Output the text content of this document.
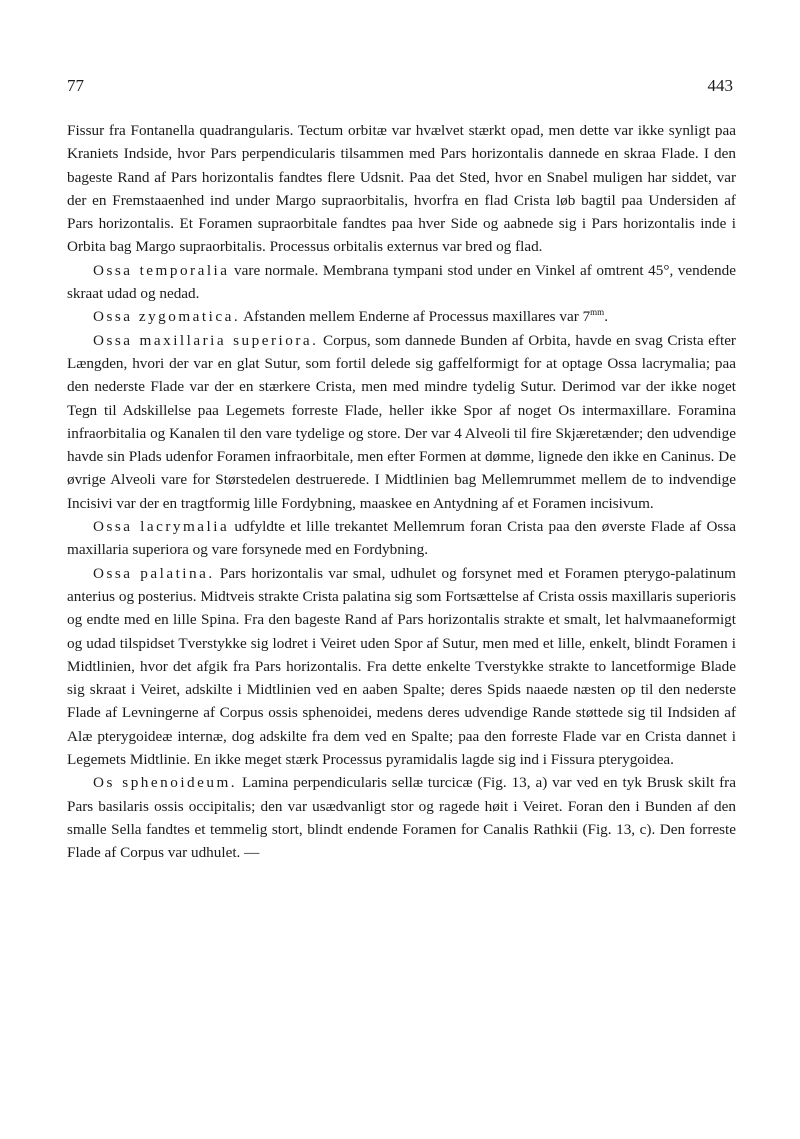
77	443

Fissur fra Fontanella quadrangularis. Tectum orbitæ var hvælvet stærkt opad, men dette var ikke synligt paa Kraniets Indside, hvor Pars perpendicularis tilsammen med Pars horizontalis dannede en skraa Flade. I den bageste Rand af Pars horizontalis fandtes flere Udsnit. Paa det Sted, hvor en Snabel muligen har siddet, var der en Fremstaaenhed ind under Margo supraorbitalis, hvorfra en flad Crista løb bagtil paa Undersiden af Pars horizontalis. Et Foramen supraorbitale fandtes paa hver Side og aabnede sig i Pars horizontalis inde i Orbita bag Margo supraorbitalis. Processus orbitalis externus var bred og flad.

Ossa temporalia vare normale. Membrana tympani stod under en Vinkel af omtrent 45°, vendende skraat udad og nedad.

Ossa zygomatica. Afstanden mellem Enderne af Processus maxillares var $7^{mm}$.

Ossa maxillaria superiora. Corpus, som dannede Bunden af Orbita, havde en svag Crista efter Længden, hvori der var en glat Sutur, som fortil delede sig gaffelformigt for at optage Ossa lacrymalia; paa den nederste Flade var der en stærkere Crista, men med mindre tydelig Sutur. Derimod var der ikke noget Tegn til Adskillelse paa Legemets forreste Flade, heller ikke Spor af noget Os intermaxillare. Foramina infraorbitalia og Kanalen til den vare tydelige og store. Der var 4 Alveoli til fire Skjæretænder; den udvendige havde sin Plads udenfor Foramen infraorbitale, men efter Formen at dømme, lignede den ikke en Caninus. De øvrige Alveoli vare for Størstedelen destruerede. I Midtlinien bag Mellemrummet mellem de to indvendige Incisivi var der en tragtformig lille Fordybning, maaskee en Antydning af et Foramen incisivum.

Ossa lacrymalia udfyldte et lille trekantet Mellemrum foran Crista paa den øverste Flade af Ossa maxillaria superiora og vare forsynede med en Fordybning.

Ossa palatina. Pars horizontalis var smal, udhulet og forsynet med et Foramen pterygo-palatinum anterius og posterius. Midtveis strakte Crista palatina sig som Fortsættelse af Crista ossis maxillaris superioris og endte med en lille Spina. Fra den bageste Rand af Pars horizontalis strakte et smalt, let halvmaaneformigt og udad tilspidset Tverstykke sig lodret i Veiret uden Spor af Sutur, men med et lille, enkelt, blindt Foramen i Midtlinien, hvor det afgik fra Pars horizontalis. Fra dette enkelte Tverstykke strakte to lancetformige Blade sig skraat i Veiret, adskilte i Midtlinien ved en aaben Spalte; deres Spids naaede næsten op til den nederste Flade af Levningerne af Corpus ossis sphenoidei, medens deres udvendige Rande støttede sig til Indsiden af Alæ pterygoideæ internæ, dog adskilte fra dem ved en Spalte; paa den forreste Flade var en Crista dannet i Legemets Midtlinie. En ikke meget stærk Processus pyramidalis lagde sig ind i Fissura pterygoidea.

Os sphenoideum. Lamina perpendicularis sellæ turcicæ (Fig. 13, a) var ved en tyk Brusk skilt fra Pars basilaris ossis occipitalis; den var usædvanligt stor og ragede høit i Veiret. Foran den i Bunden af den smalle Sella fandtes et temmelig stort, blindt endende Foramen for Canalis Rathkii (Fig. 13, c). Den forreste Flade af Corpus var udhulet. —
